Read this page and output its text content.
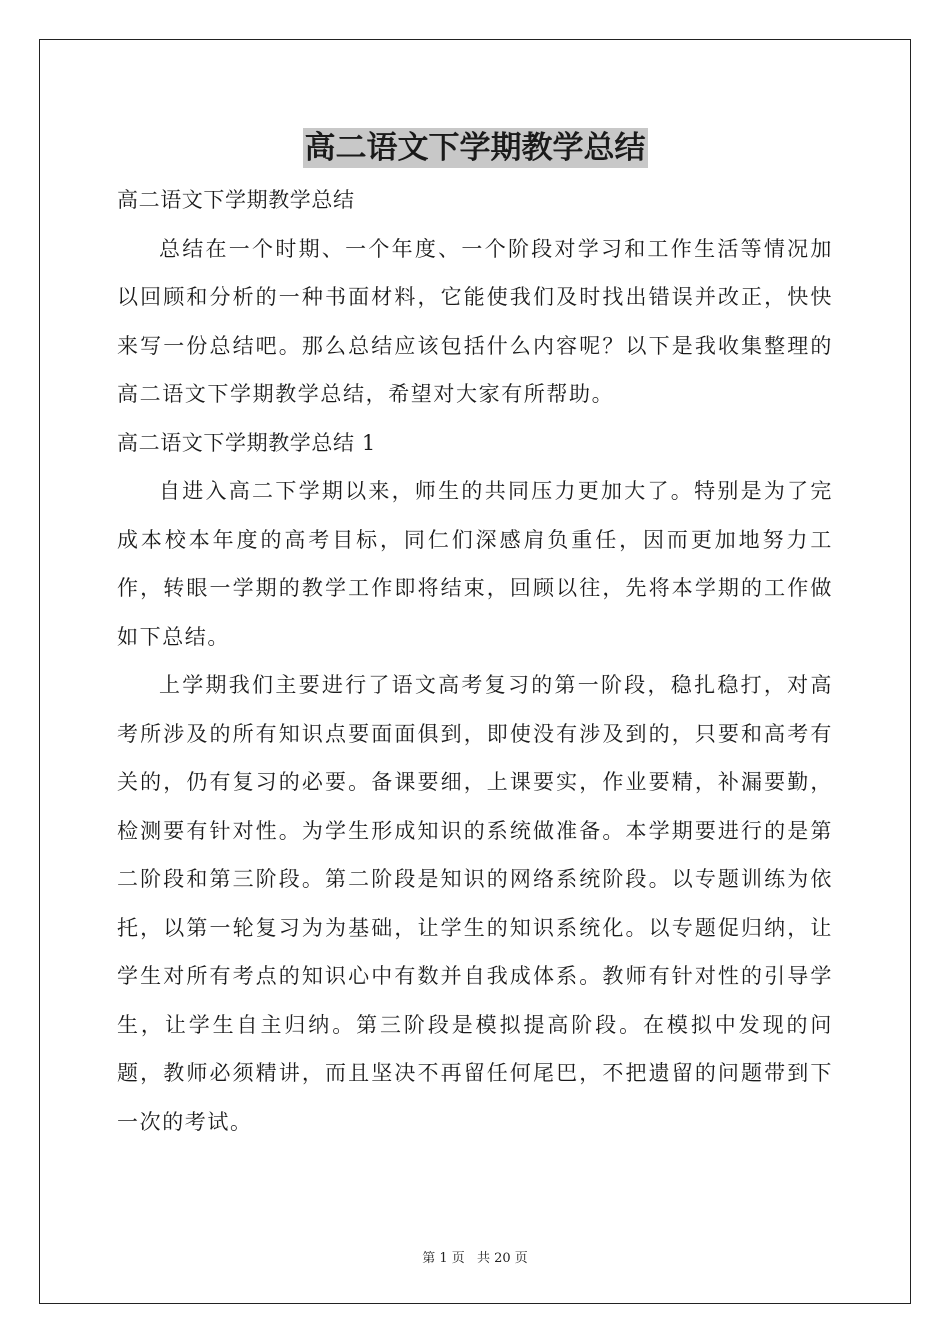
高二语文下学期教学总结

高二语文下学期教学总结

总结在一个时期、一个年度、一个阶段对学习和工作生活等情况加以回顾和分析的一种书面材料，它能使我们及时找出错误并改正，快快来写一份总结吧。那么总结应该包括什么内容呢？以下是我收集整理的高二语文下学期教学总结，希望对大家有所帮助。

高二语文下学期教学总结 1

自进入高二下学期以来，师生的共同压力更加大了。特别是为了完成本校本年度的高考目标，同仁们深感肩负重任，因而更加地努力工作，转眼一学期的教学工作即将结束，回顾以往，先将本学期的工作做如下总结。

上学期我们主要进行了语文高考复习的第一阶段，稳扎稳打，对高考所涉及的所有知识点要面面俱到，即使没有涉及到的，只要和高考有关的，仍有复习的必要。备课要细，上课要实，作业要精，补漏要勤，检测要有针对性。为学生形成知识的系统做准备。本学期要进行的是第二阶段和第三阶段。第二阶段是知识的网络系统阶段。以专题训练为依托，以第一轮复习为为基础，让学生的知识系统化。以专题促归纳，让学生对所有考点的知识心中有数并自我成体系。教师有针对性的引导学生，让学生自主归纳。第三阶段是模拟提高阶段。在模拟中发现的问题，教师必须精讲，而且坚决不再留任何尾巴，不把遗留的问题带到下一次的考试。

第 1 页 共 20 页
